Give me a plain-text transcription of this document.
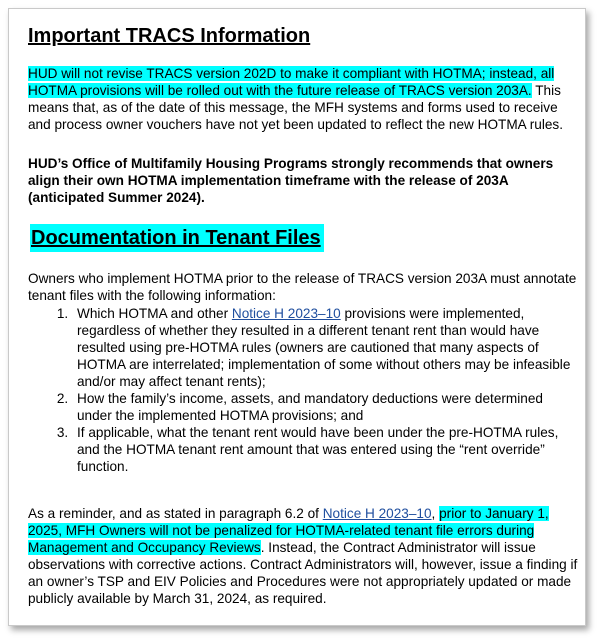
Important TRACS Information

HUD will not revise TRACS version 202D to make it compliant with HOTMA; instead, all HOTMA provisions will be rolled out with the future release of TRACS version 203A. This means that, as of the date of this message, the MFH systems and forms used to receive and process owner vouchers have not yet been updated to reflect the new HOTMA rules.

HUD’s Office of Multifamily Housing Programs strongly recommends that owners align their own HOTMA implementation timeframe with the release of 203A (anticipated Summer 2024).

Documentation in Tenant Files

Owners who implement HOTMA prior to the release of TRACS version 203A must annotate tenant files with the following information:

1. Which HOTMA and other Notice H 2023–10 provisions were implemented, regardless of whether they resulted in a different tenant rent than would have resulted using pre-HOTMA rules (owners are cautioned that many aspects of HOTMA are interrelated; implementation of some without others may be infeasible and/or may affect tenant rents);
2. How the family’s income, assets, and mandatory deductions were determined under the implemented HOTMA provisions; and
3. If applicable, what the tenant rent would have been under the pre-HOTMA rules, and the HOTMA tenant rent amount that was entered using the “rent override” function.

As a reminder, and as stated in paragraph 6.2 of Notice H 2023–10, prior to January 1, 2025, MFH Owners will not be penalized for HOTMA-related tenant file errors during Management and Occupancy Reviews. Instead, the Contract Administrator will issue observations with corrective actions. Contract Administrators will, however, issue a finding if an owner’s TSP and EIV Policies and Procedures were not appropriately updated or made publicly available by March 31, 2024, as required.
